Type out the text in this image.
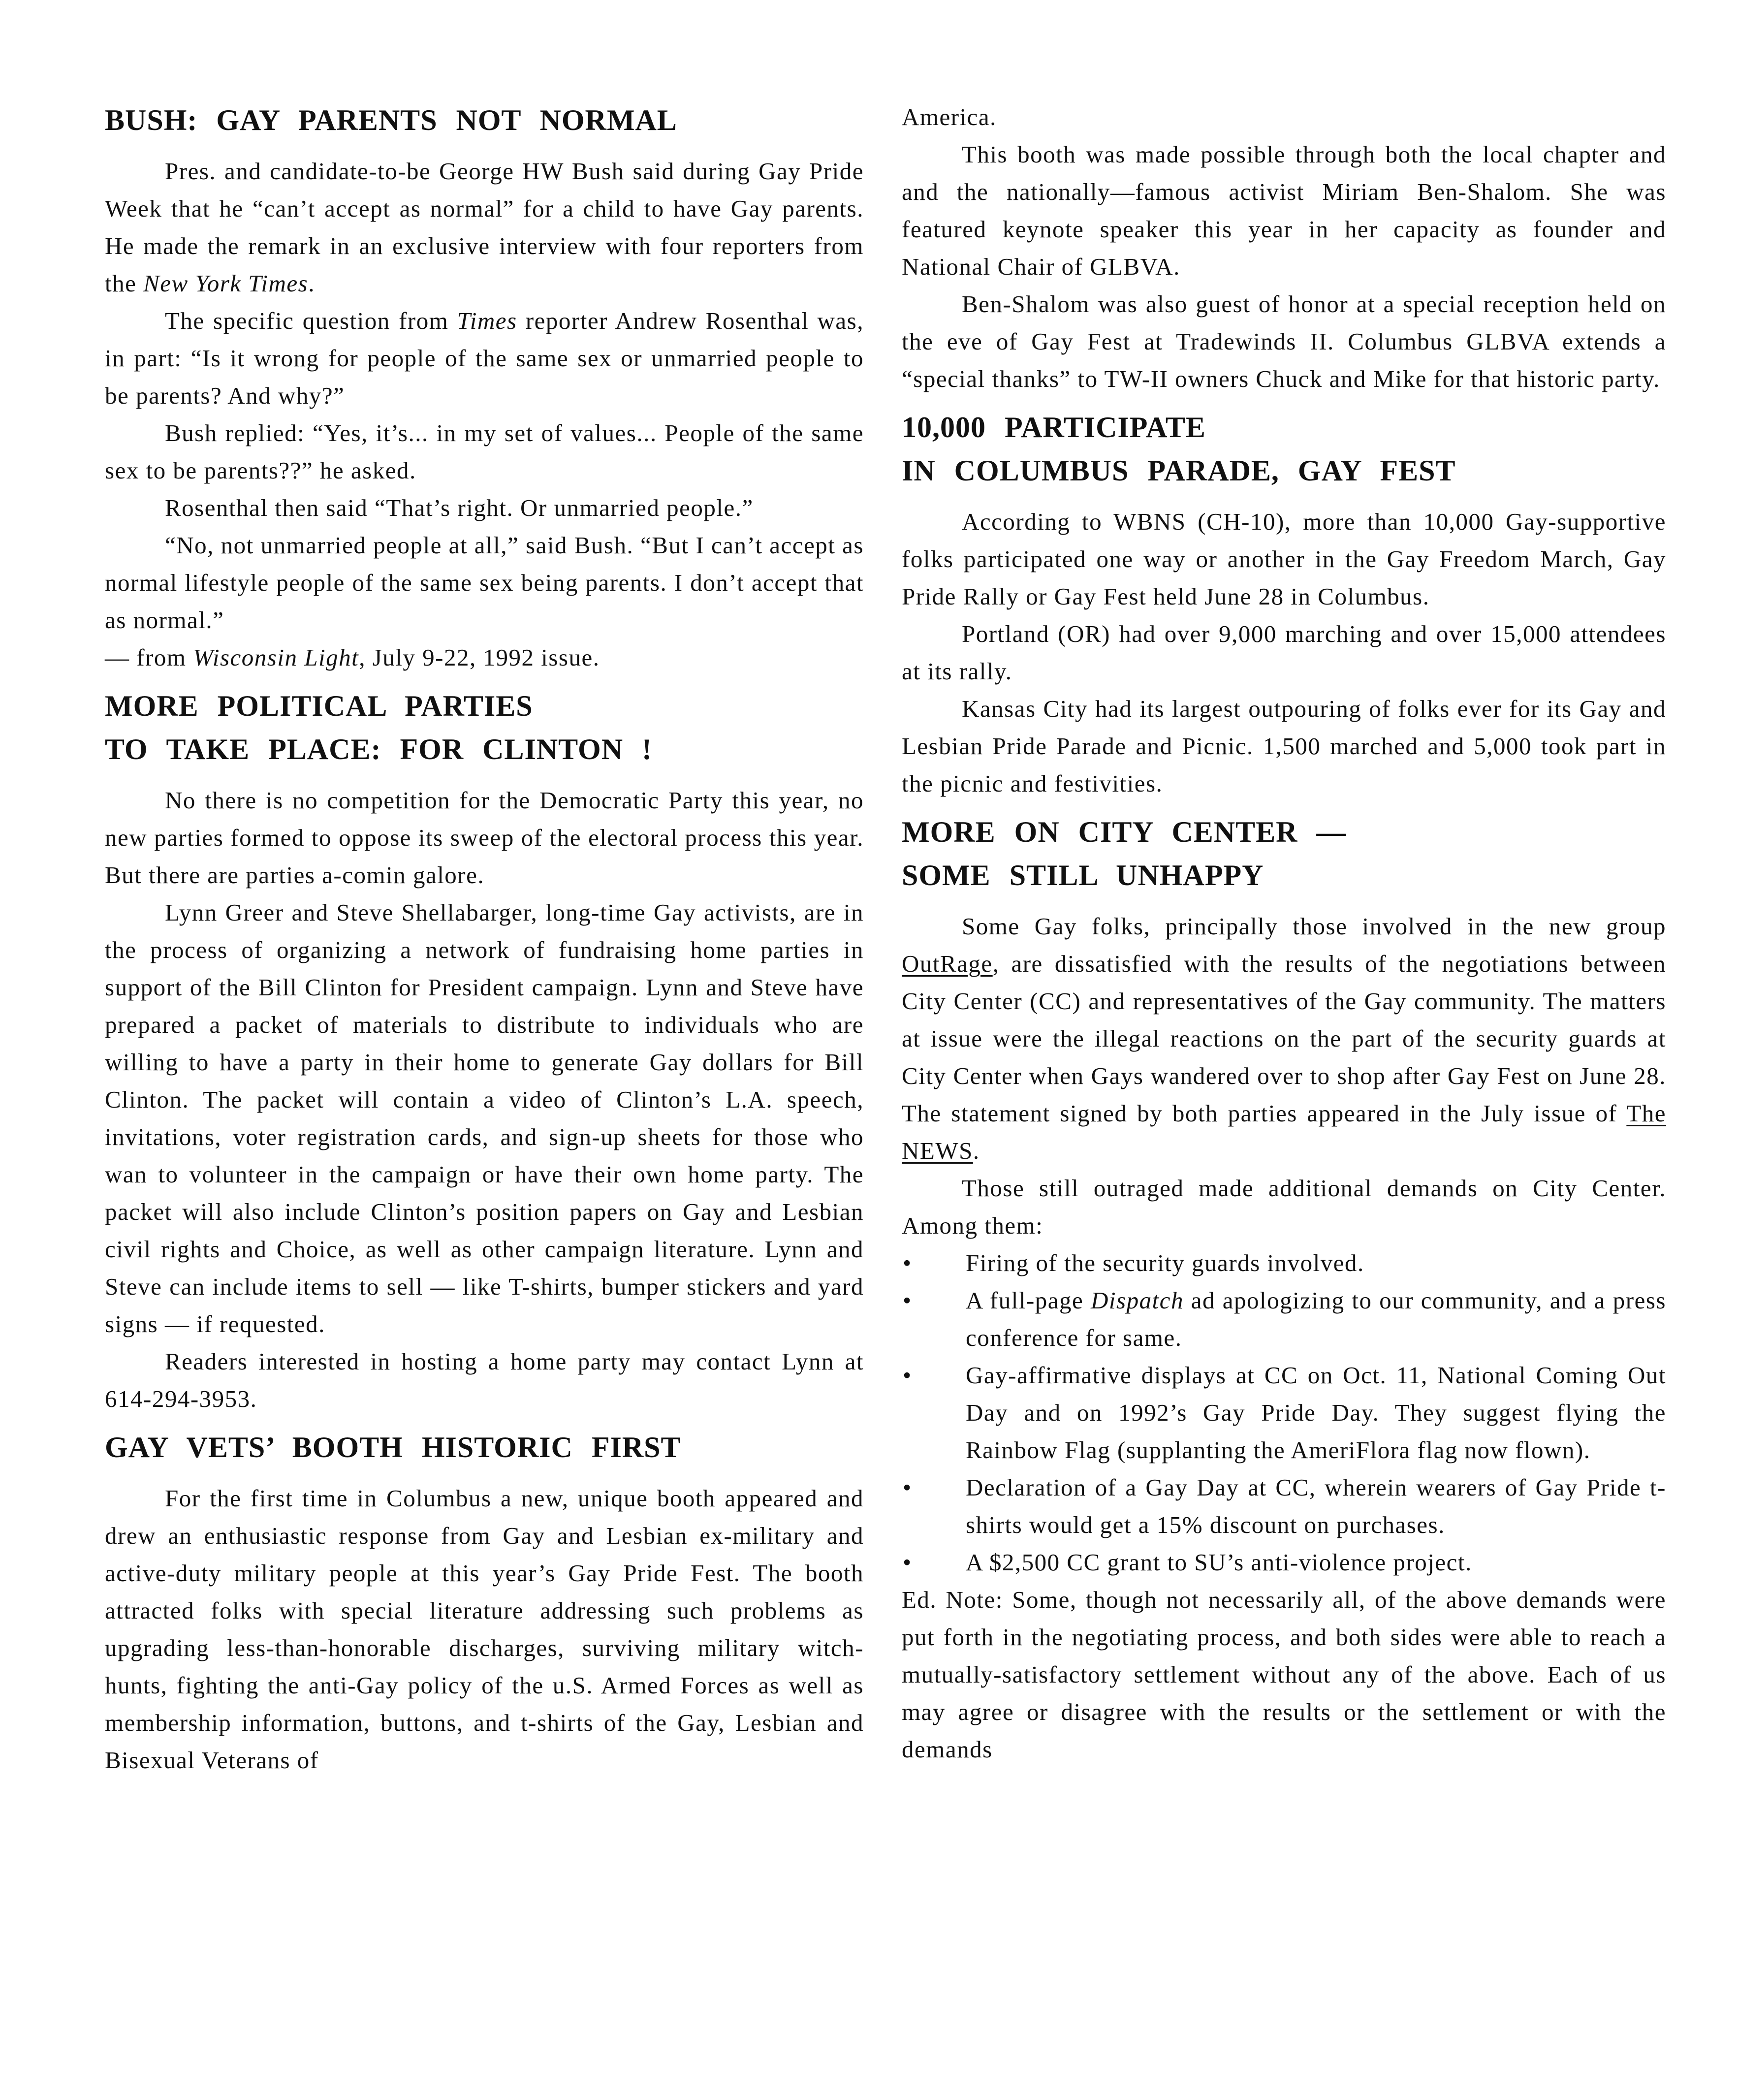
BUSH: GAY PARENTS NOT NORMAL

Pres. and candidate-to-be George HW Bush said during Gay Pride Week that he “can’t accept as normal” for a child to have Gay parents. He made the remark in an exclusive interview with four reporters from the New York Times.

The specific question from Times reporter Andrew Rosenthal was, in part: “Is it wrong for people of the same sex or unmarried people to be parents? And why?”

Bush replied: “Yes, it’s... in my set of values... People of the same sex to be parents??” he asked.

Rosenthal then said “That’s right. Or unmarried people.”

“No, not unmarried people at all,” said Bush. “But I can’t accept as normal lifestyle people of the same sex being parents. I don’t accept that as normal.”

— from Wisconsin Light, July 9-22, 1992 issue.

MORE POLITICAL PARTIES
TO TAKE PLACE: FOR CLINTON !

No there is no competition for the Democratic Party this year, no new parties formed to oppose its sweep of the electoral process this year. But there are parties a-comin galore.

Lynn Greer and Steve Shellabarger, long-time Gay activists, are in the process of organizing a network of fundraising home parties in support of the Bill Clinton for President campaign. Lynn and Steve have prepared a packet of materials to distribute to individuals who are willing to have a party in their home to generate Gay dollars for Bill Clinton. The packet will contain a video of Clinton’s L.A. speech, invitations, voter registration cards, and sign-up sheets for those who wan to volunteer in the campaign or have their own home party. The packet will also include Clinton’s position papers on Gay and Lesbian civil rights and Choice, as well as other campaign literature. Lynn and Steve can include items to sell — like T-shirts, bumper stickers and yard signs — if requested.

Readers interested in hosting a home party may contact Lynn at 614-294-3953.

GAY VETS’ BOOTH HISTORIC FIRST

For the first time in Columbus a new, unique booth appeared and drew an enthusiastic response from Gay and Lesbian ex-military and active-duty military people at this year’s Gay Pride Fest. The booth attracted folks with special literature addressing such problems as upgrading less-than-honorable discharges, surviving military witch-hunts, fighting the anti-Gay policy of the u.S. Armed Forces as well as membership information, buttons, and t-shirts of the Gay, Lesbian and Bisexual Veterans of

America.

This booth was made possible through both the local chapter and and the nationally—famous activist Miriam Ben-Shalom. She was featured keynote speaker this year in her capacity as founder and National Chair of GLBVA.

Ben-Shalom was also guest of honor at a special reception held on the eve of Gay Fest at Tradewinds II. Columbus GLBVA extends a “special thanks” to TW-II owners Chuck and Mike for that historic party.

10,000 PARTICIPATE
IN COLUMBUS PARADE, GAY FEST

According to WBNS (CH-10), more than 10,000 Gay-supportive folks participated one way or another in the Gay Freedom March, Gay Pride Rally or Gay Fest held June 28 in Columbus.

Portland (OR) had over 9,000 marching and over 15,000 attendees at its rally.

Kansas City had its largest outpouring of folks ever for its Gay and Lesbian Pride Parade and Picnic. 1,500 marched and 5,000 took part in the picnic and festivities.

MORE ON CITY CENTER —
SOME STILL UNHAPPY

Some Gay folks, principally those involved in the new group OutRage, are dissatisfied with the results of the negotiations between City Center (CC) and representatives of the Gay community. The matters at issue were the illegal reactions on the part of the security guards at City Center when Gays wandered over to shop after Gay Fest on June 28. The statement signed by both parties appeared in the July issue of The NEWS.

Those still outraged made additional demands on City Center. Among them:

• Firing of the security guards involved.
• A full-page Dispatch ad apologizing to our community, and a press conference for same.
• Gay-affirmative displays at CC on Oct. 11, National Coming Out Day and on 1992’s Gay Pride Day. They suggest flying the Rainbow Flag (supplanting the AmeriFlora flag now flown).
• Declaration of a Gay Day at CC, wherein wearers of Gay Pride t-shirts would get a 15% discount on purchases.
• A $2,500 CC grant to SU’s anti-violence project.

Ed. Note: Some, though not necessarily all, of the above demands were put forth in the negotiating process, and both sides were able to reach a mutually-satisfactory settlement without any of the above. Each of us may agree or disagree with the results or the settlement or with the demands
